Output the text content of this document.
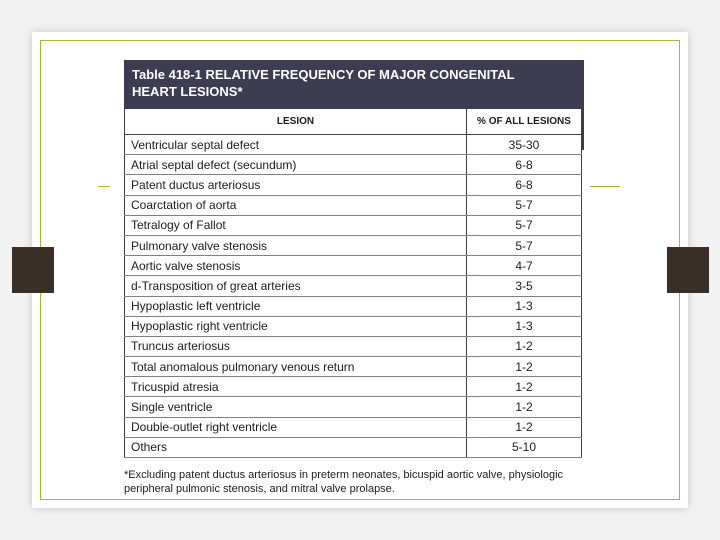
Table 418-1 RELATIVE FREQUENCY OF MAJOR CONGENITAL
HEART LESIONS*
LESION	% OF ALL LESIONS
Ventricular septal defect	35-30
Atrial septal defect (secundum)	6-8
Patent ductus arteriosus	6-8
Coarctation of aorta	5-7
Tetralogy of Fallot	5-7
Pulmonary valve stenosis	5-7
Aortic valve stenosis	4-7
d-Transposition of great arteries	3-5
Hypoplastic left ventricle	1-3
Hypoplastic right ventricle	1-3
Truncus arteriosus	1-2
Total anomalous pulmonary venous return	1-2
Tricuspid atresia	1-2
Single ventricle	1-2
Double-outlet right ventricle	1-2
Others	5-10
*Excluding patent ductus arteriosus in preterm neonates, bicuspid aortic valve, physiologic
peripheral pulmonic stenosis, and mitral valve prolapse.
